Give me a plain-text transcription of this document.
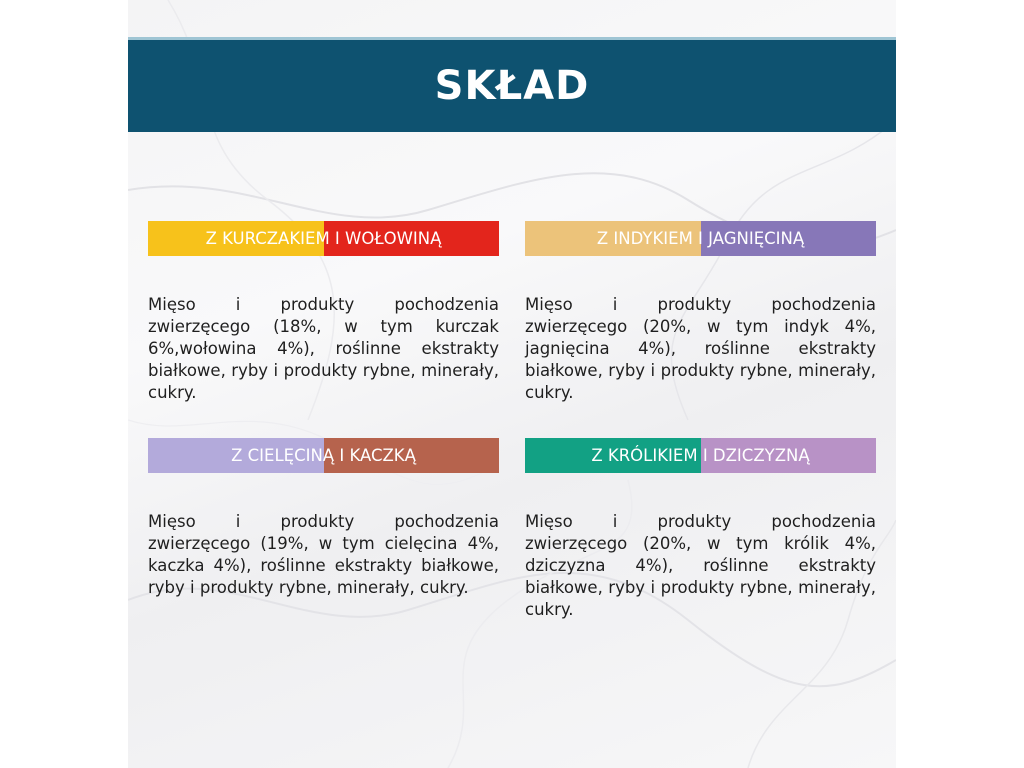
SKŁAD
Z KURCZAKIEM I WOŁOWINĄ
Mięso i produkty pochodzenia zwierzęcego (18%, w tym kurczak 6%,wołowina 4%), roślinne ekstrakty białkowe, ryby i produkty rybne, minerały, cukry.
Z INDYKIEM I JAGNIĘCINĄ
Mięso i produkty pochodzenia zwierzęcego (20%, w tym indyk 4%, jagnięcina 4%), roślinne ekstrakty białkowe, ryby i produkty rybne, minerały, cukry.
Z CIELĘCINĄ I KACZKĄ
Mięso i produkty pochodzenia zwierzęcego (19%, w tym cielęcina 4%, kaczka 4%), roślinne ekstrakty białkowe, ryby i produkty rybne, minerały, cukry.
Z KRÓLIKIEM I DZICZYZNĄ
Mięso i produkty pochodzenia zwierzęcego (20%, w tym królik 4%, dziczyzna 4%), roślinne ekstrakty białkowe, ryby i produkty rybne, minerały, cukry.
